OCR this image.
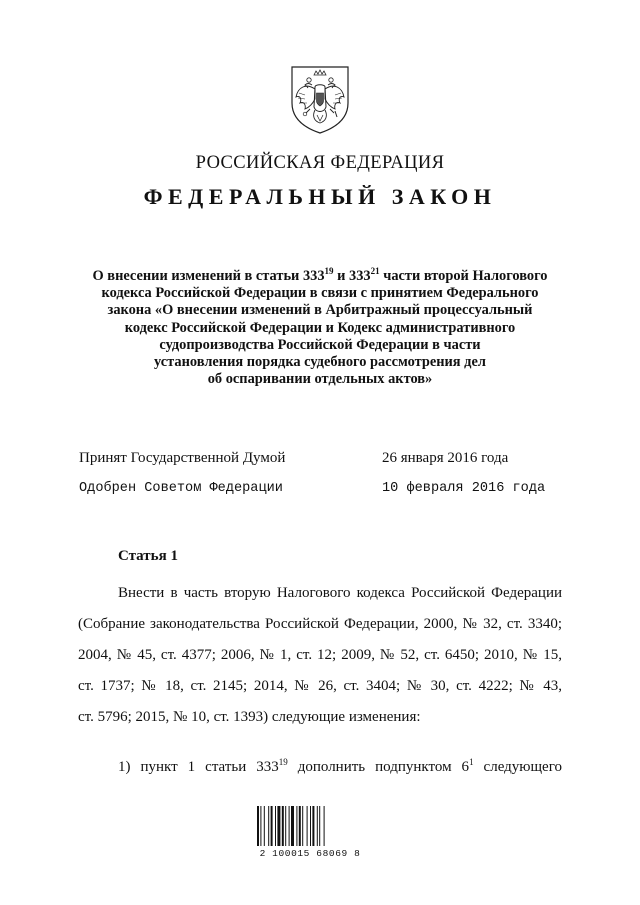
РОССИЙСКАЯ ФЕДЕРАЦИЯ
ФЕДЕРАЛЬНЫЙ ЗАКОН
О внесении изменений в статьи $333^{19}$ и $333^{21}$ части второй Налогового
кодекса Российской Федерации в связи с принятием Федерального
закона «О внесении изменений в Арбитражный процессуальный
кодекс Российской Федерации и Кодекс административного
судопроизводства Российской Федерации в части
установления порядка судебного рассмотрения дел
об оспаривании отдельных актов»
Принят Государственной Думой	26 января 2016 года
Одобрен Советом Федерации	10 февраля 2016 года
Статья 1
Внести в часть вторую Налогового кодекса Российской Федерации
(Собрание законодательства Российской Федерации, 2000, № 32, ст. 3340;
2004, № 45, ст. 4377; 2006, № 1, ст. 12; 2009, № 52, ст. 6450; 2010, № 15,
ст. 1737; № 18, ст. 2145; 2014, № 26, ст. 3404; № 30, ст. 4222; № 43,
ст. 5796; 2015, № 10, ст. 1393) следующие изменения:
1) пункт 1 статьи $333^{19}$ дополнить подпунктом $6^1$ следующего
2 100015 68069 8
